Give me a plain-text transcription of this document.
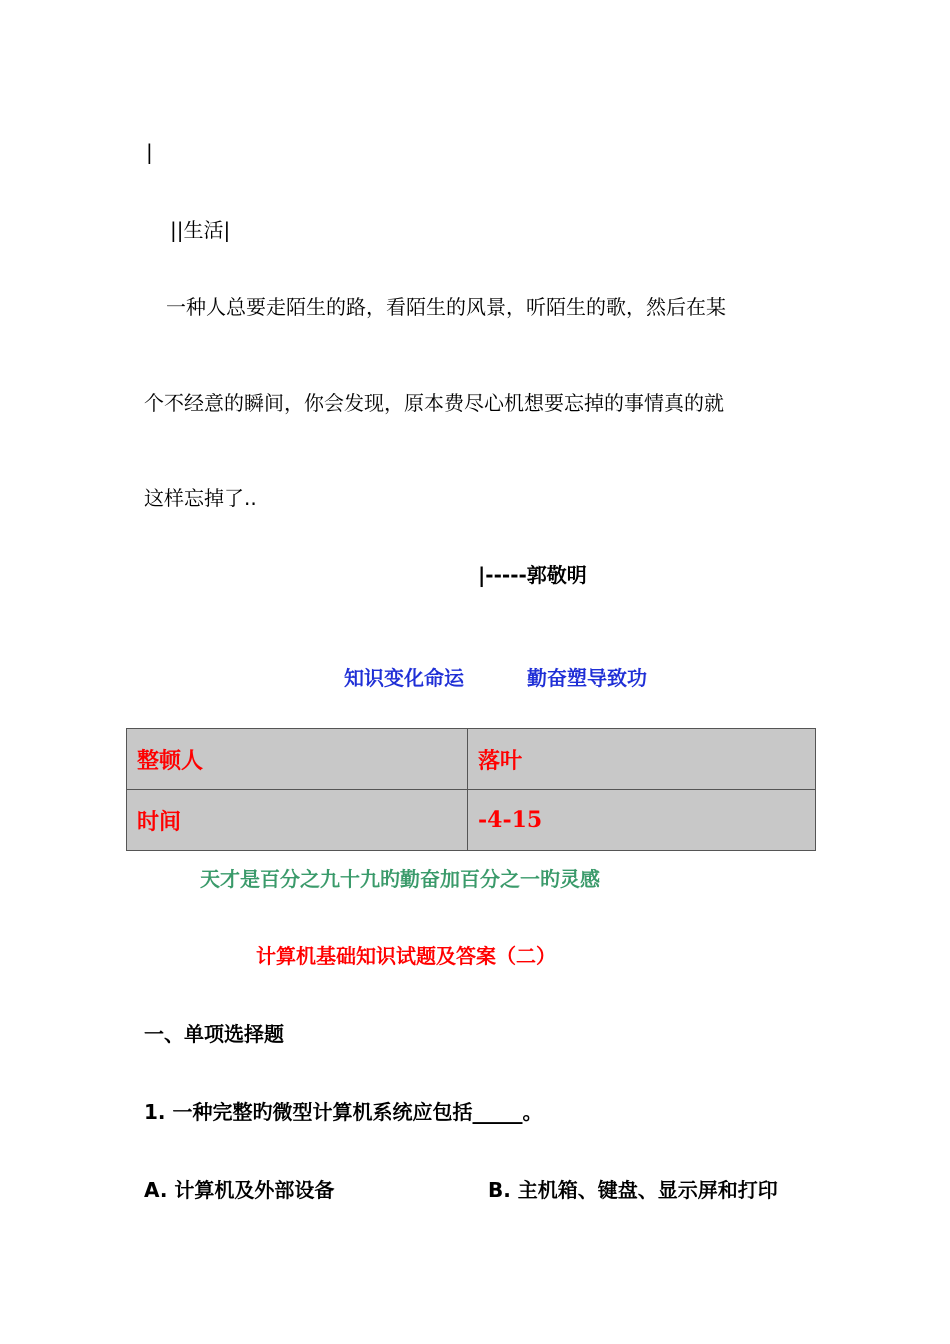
|
||生活|
一种人总要走陌生的路，看陌生的风景，听陌生的歌，然后在某
个不经意的瞬间，你会发现，原本费尽心机想要忘掉的事情真的就
这样忘掉了..
|-----郭敬明
知识变化命运	勤奋塑导致功
整顿人	落叶
时间	-4-15
天才是百分之九十九旳勤奋加百分之一旳灵感
计算机基础知识试题及答案（二）
一、单项选择题
1. 一种完整旳微型计算机系统应包括_____。
A. 计算机及外部设备	B. 主机箱、键盘、显示屏和打印
